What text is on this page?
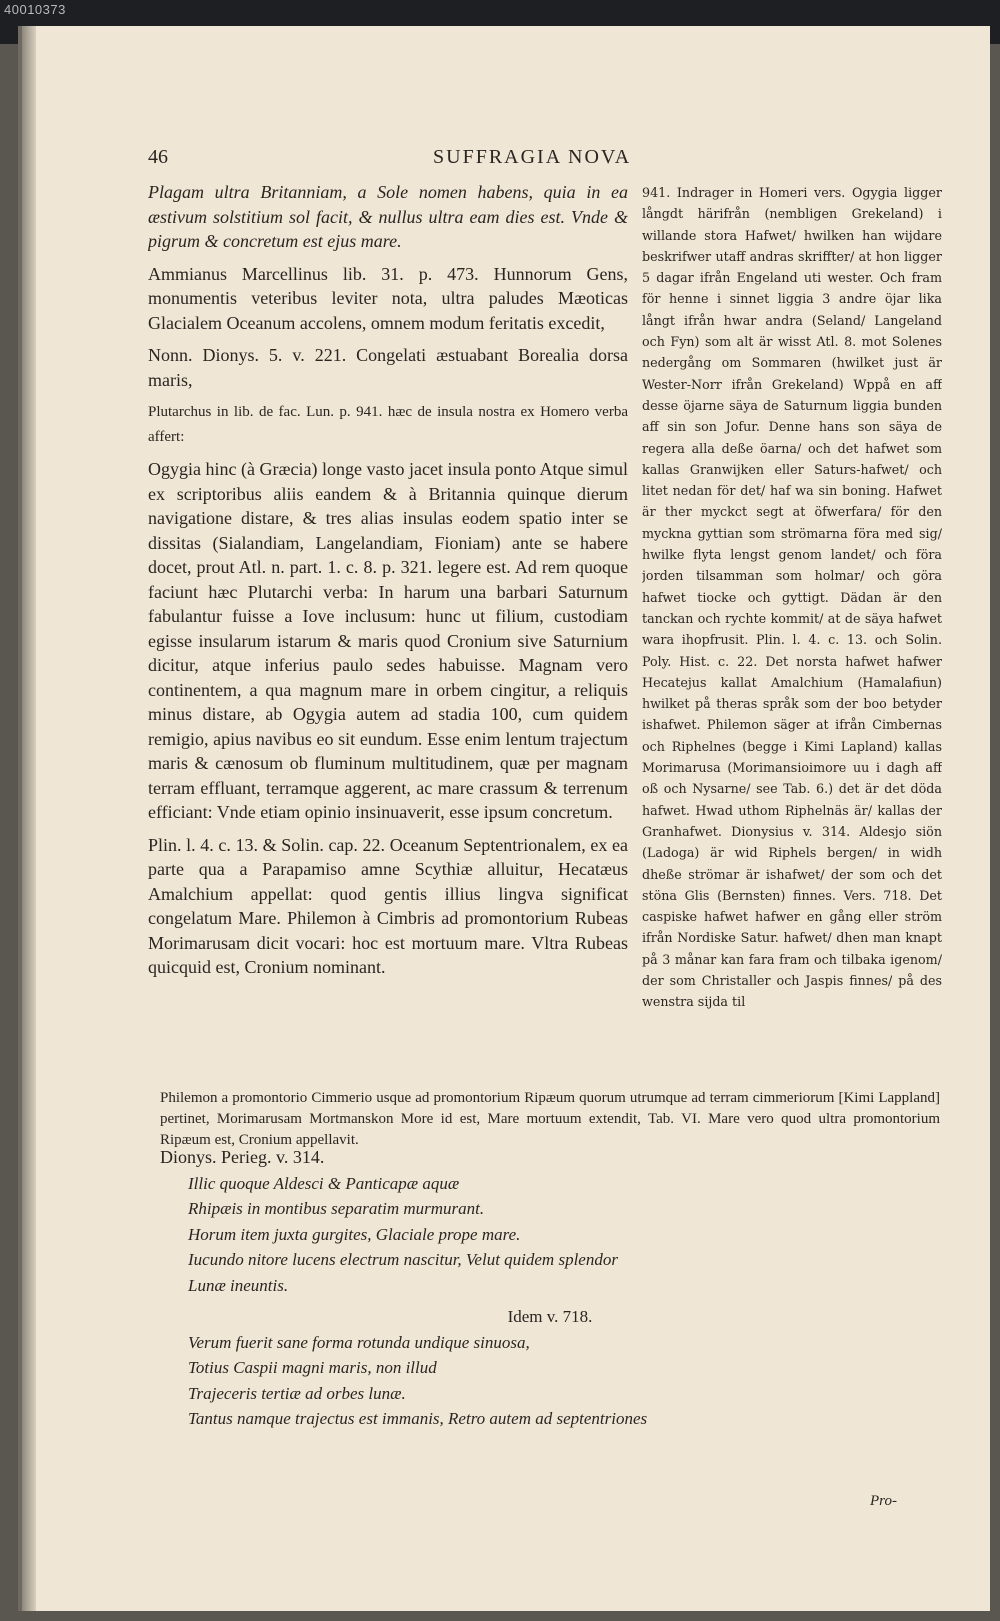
40010373
46	SUFFRAGIA NOVA

Plagam ultra Britanniam, a Sole nomen habens, quia in ea æstivum solstitium sol facit, & nullus ultra eam dies est. Vnde & pigrum & concretum est ejus mare.

Ammianus Marcellinus lib. 31. p. 473. Hunnorum Gens, monumentis veteribus leviter nota, ultra paludes Mæoticas Glacialem Oceanum accolens, omnem modum feritatis excedit,

Nonn. Dionys. 5. v. 221. Congelati æstuabant Borealia dorsa maris,

Plutarchus in lib. de fac. Lun. p. 941. hæc de insula nostra ex Homero verba affert:

Ogygia hinc (à Græcia) longe vasto jacet insula ponto Atque simul ex scriptoribus aliis eandem & à Britannia quinque dierum navigatione distare, & tres alias insulas eodem spatio inter se dissitas (Sialandiam, Langelandiam, Fioniam) ante se habere docet, prout Atl. n. part. 1. c. 8. p. 321. legere est. Ad rem quoque faciunt hæc Plutarchi verba: In harum una barbari Saturnum fabulantur fuisse a Iove inclusum: hunc ut filium, custodiam egisse insularum istarum & maris quod Cronium sive Saturnium dicitur, atque inferius paulo sedes habuisse. Magnam vero continentem, a qua magnum mare in orbem cingitur, a reliquis minus distare, ab Ogygia autem ad stadia 100, cum quidem remigio, apius navibus eo sit eundum. Esse enim lentum trajectum maris & cænosum ob fluminum multitudinem, quæ per magnam terram effluant, terramque aggerent, ac mare crassum & terrenum efficiant: Vnde etiam opinio insinuaverit, esse ipsum concretum.

Plin. l. 4. c. 13. & Solin. cap. 22. Oceanum Septentrionalem, ex ea parte qua a Parapamiso amne Scythiæ alluitur, Hecatæus Amalchium appellat: quod gentis illius lingva significat congelatum Mare. Philemon à Cimbris ad promontorium Rubeas Morimarusam dicit vocari: hoc est mortuum mare. Vltra Rubeas quicquid est, Cronium nominant.

941. Indrager in Homeri vers. Ogygia ligger långdt härifrån (nembligen Grekeland) i willande stora Hafwet/ hwilken han wijdare beskrifwer utaff andras skriffter/ at hon ligger 5 dagar ifrån Engeland uti wester. Och fram för henne i sinnet liggia 3 andre öjar lika långt ifrån hwar andra (Seland/ Langeland och Fyn) som alt är wisst Atl. 8. mot Solenes nedergång om Sommaren (hwilket just är Wester-Norr ifrån Grekeland) Wppå en aff desse öjarne säya de Saturnum liggia bunden aff sin son Jofur. Denne hans son säya de regera alla deße öarna/ och det hafwet som kallas Granwijken eller Saturs-hafwet/ och litet nedan för det/ haf wa sin boning. Hafwet är ther myckct segt at öfwerfara/ för den myckna gyttian som strömarna föra med sig/ hwilke flyta lengst genom landet/ och föra jorden tilsamman som holmar/ och göra hafwet tiocke och gyttigt. Dädan är den tanckan och rychte kommit/ at de säya hafwet wara ihopfrusit. Plin. l. 4. c. 13. och Solin. Poly. Hist. c. 22. Det norsta hafwet hafwer Hecatejus kallat Amalchium (Hamalafiun) hwilket på theras språk som der boo betyder ishafwet. Philemon säger at ifrån Cimbernas och Riphelnes (begge i Kimi Lapland) kallas Morimarusa (Morimansioimore uu i dagh aff oß och Nysarne/ see Tab. 6.) det är det döda hafwet. Hwad uthom Riphelnäs är/ kallas der Granhafwet. Dionysius v. 314. Aldesjo siön (Ladoga) är wid Riphels bergen/ in widh dheße strömar är ishafwet/ der som och det stöna Glis (Bernsten) finnes. Vers. 718. Det caspiske hafwet hafwer en gång eller ström ifrån Nordiske Satur. hafwet/ dhen man knapt på 3 månar kan fara fram och tilbaka igenom/ der som Christaller och Jaspis finnes/ på des wenstra sijda til

Philemon a promontorio Cimmerio usque ad promontorium Ripæum quorum utrumque ad terram cimmeriorum [Kimi Lappland] pertinet, Morimarusam Mortmanskon More id est, Mare mortuum extendit, Tab. VI. Mare vero quod ultra promontorium Ripæum est, Cronium appellavit.
Dionys. Perieg. v. 314.
Illic quoque Aldesci & Panticapæ aquæ
Rhipæis in montibus separatim murmurant.
Horum item juxta gurgites, Glaciale prope mare.
Iucundo nitore lucens electrum nascitur, Velut quidem splendor
Lunæ ineuntis.
Idem v. 718.
Verum fuerit sane forma rotunda undique sinuosa,
Totius Caspii magni maris, non illud
Trajeceris tertiæ ad orbes lunæ.
Tantus namque trajectus est immanis, Retro autem ad septentriones
Pro-
